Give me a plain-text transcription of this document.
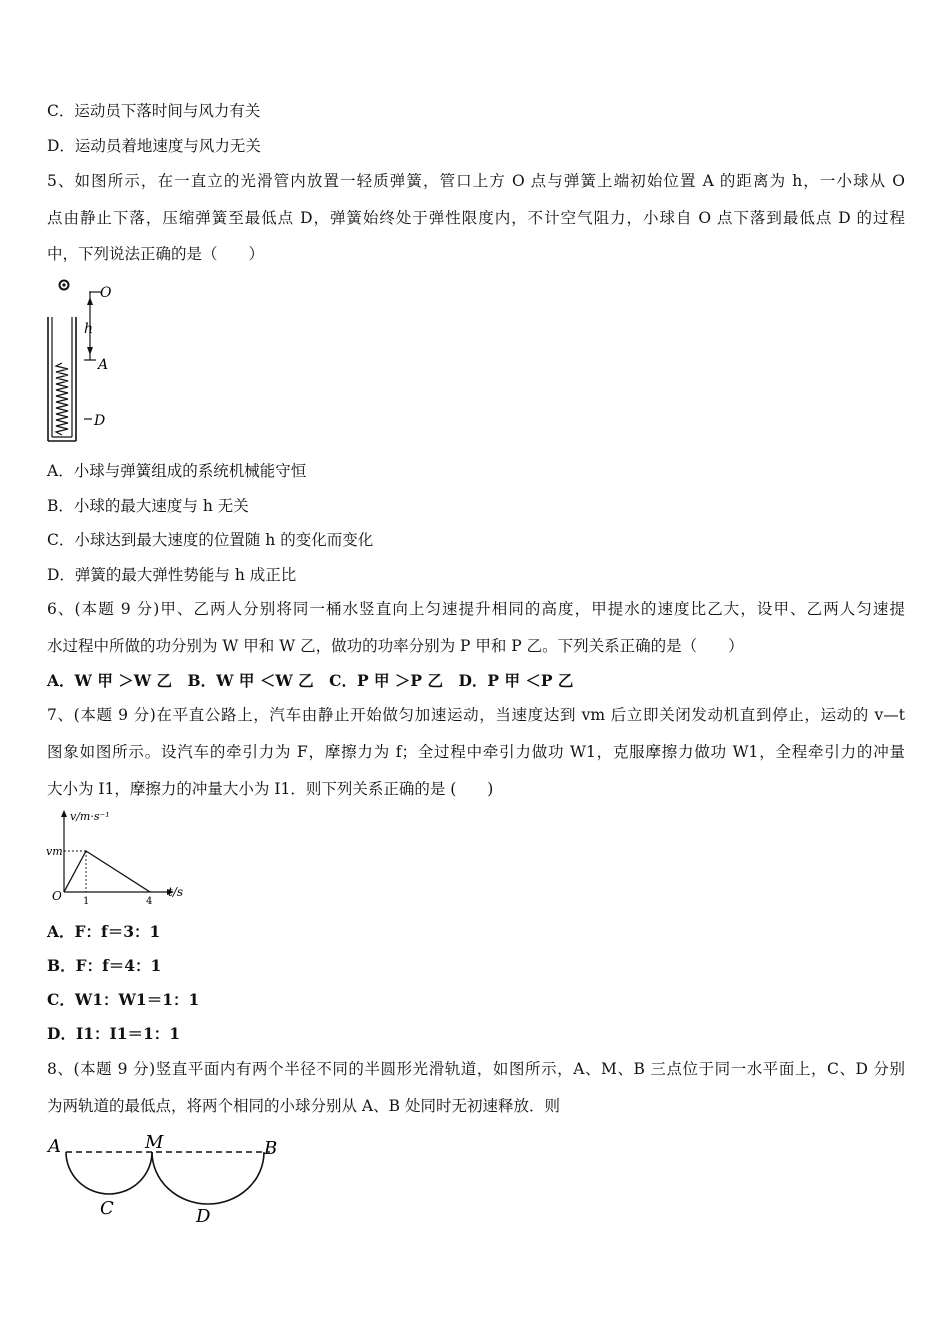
C．运动员下落时间与风力有关
D．运动员着地速度与风力无关
5、如图所示，在一直立的光滑管内放置一轻质弹簧，管口上方 O 点与弹簧上端初始位置 A 的距离为 h，一小球从 O
点由静止下落，压缩弹簧至最低点 D，弹簧始终处于弹性限度内，不计空气阻力，小球自 O 点下落到最低点 D 的过程
中，下列说法正确的是（　　）
O
h
A
D
A．小球与弹簧组成的系统机械能守恒
B．小球的最大速度与 h 无关
C．小球达到最大速度的位置随 h 的变化而变化
D．弹簧的最大弹性势能与 h 成正比
6、(本题 9 分)甲、乙两人分别将同一桶水竖直向上匀速提升相同的高度，甲提水的速度比乙大，设甲、乙两人匀速提
水过程中所做的功分别为 W 甲和 W 乙，做功的功率分别为 P 甲和 P 乙。下列关系正确的是（　　）
A．W 甲 ＞W 乙　B．W 甲 ＜W 乙　C．P 甲 ＞P 乙　D．P 甲 ＜P 乙
7、(本题 9 分)在平直公路上，汽车由静止开始做匀加速运动，当速度达到 vm 后立即关闭发动机直到停止，运动的 v—t
图象如图所示。设汽车的牵引力为 F，摩擦力为 f；全过程中牵引力做功 W1，克服摩擦力做功 W1，全程牵引力的冲量
大小为 I1，摩擦力的冲量大小为 I1．则下列关系正确的是 (　　)
v/m·s⁻¹
t/s
O
vm
1	4
A．F：f＝3：1
B．F：f＝4：1
C．W1：W1＝1：1
D．I1：I1＝1：1
8、(本题 9 分)竖直平面内有两个半径不同的半圆形光滑轨道，如图所示，A、M、B 三点位于同一水平面上，C、D 分别
为两轨道的最低点，将两个相同的小球分别从 A、B 处同时无初速释放．则
A	M	B
C	D
